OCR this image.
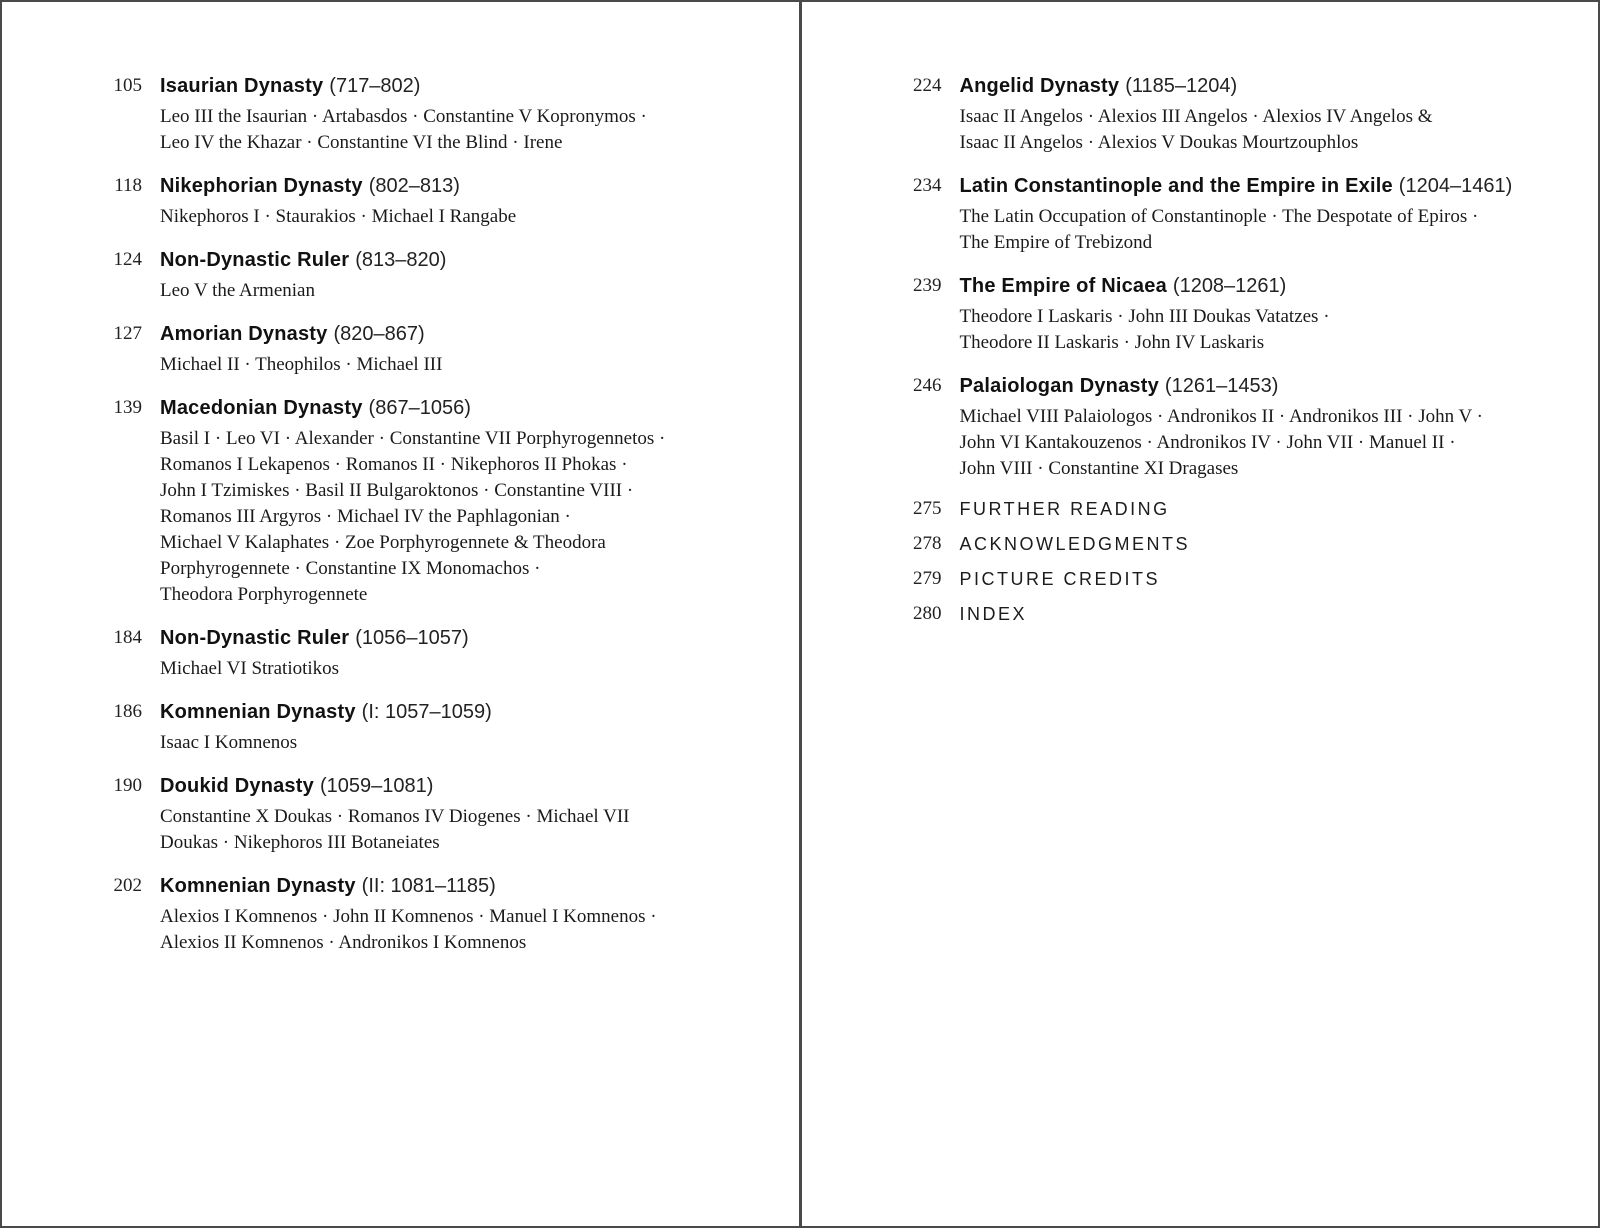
105 Isaurian Dynasty (717–802)
Leo III the Isaurian · Artabasdos · Constantine V Kopronymos ·
Leo IV the Khazar · Constantine VI the Blind · Irene
118 Nikephorian Dynasty (802–813)
Nikephoros I · Staurakios · Michael I Rangabe
124 Non-Dynastic Ruler (813–820)
Leo V the Armenian
127 Amorian Dynasty (820–867)
Michael II · Theophilos · Michael III
139 Macedonian Dynasty (867–1056)
Basil I · Leo VI · Alexander · Constantine VII Porphyrogennetos ·
Romanos I Lekapenos · Romanos II · Nikephoros II Phokas ·
John I Tzimiskes · Basil II Bulgaroktonos · Constantine VIII ·
Romanos III Argyros · Michael IV the Paphlagonian ·
Michael V Kalaphates · Zoe Porphyrogennete & Theodora
Porphyrogennete · Constantine IX Monomachos ·
Theodora Porphyrogennete
184 Non-Dynastic Ruler (1056–1057)
Michael VI Stratiotikos
186 Komnenian Dynasty (I: 1057–1059)
Isaac I Komnenos
190 Doukid Dynasty (1059–1081)
Constantine X Doukas · Romanos IV Diogenes · Michael VII
Doukas · Nikephoros III Botaneiates
202 Komnenian Dynasty (II: 1081–1185)
Alexios I Komnenos · John II Komnenos · Manuel I Komnenos ·
Alexios II Komnenos · Andronikos I Komnenos
224 Angelid Dynasty (1185–1204)
Isaac II Angelos · Alexios III Angelos · Alexios IV Angelos &
Isaac II Angelos · Alexios V Doukas Mourtzouphlos
234 Latin Constantinople and the Empire in Exile (1204–1461)
The Latin Occupation of Constantinople · The Despotate of Epiros ·
The Empire of Trebizond
239 The Empire of Nicaea (1208–1261)
Theodore I Laskaris · John III Doukas Vatatzes ·
Theodore II Laskaris · John IV Laskaris
246 Palaiologan Dynasty (1261–1453)
Michael VIII Palaiologos · Andronikos II · Andronikos III · John V ·
John VI Kantakouzenos · Andronikos IV · John VII · Manuel II ·
John VIII · Constantine XI Dragases
275 FURTHER READING
278 ACKNOWLEDGMENTS
279 PICTURE CREDITS
280 INDEX
